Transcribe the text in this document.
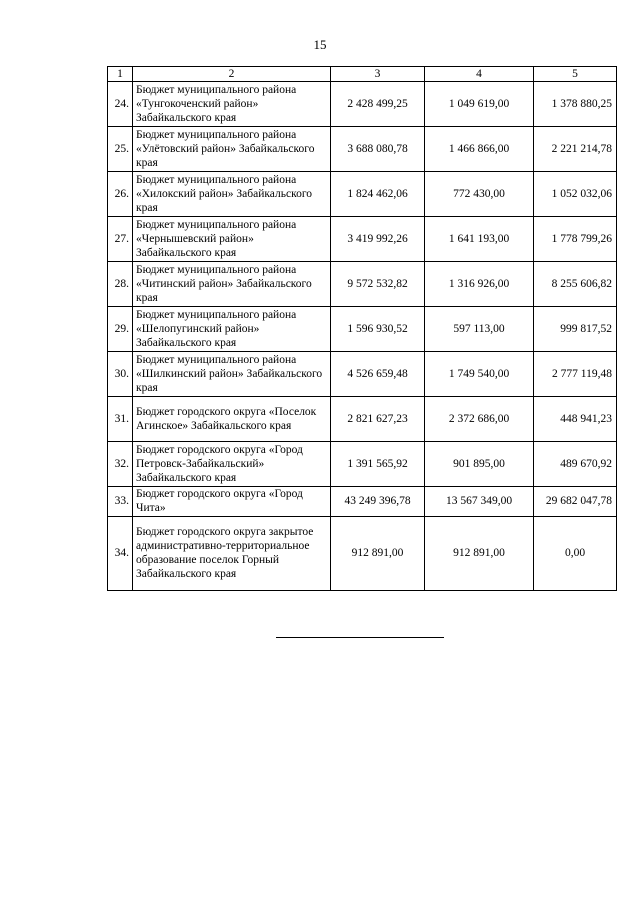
15
1	2	3	4	5
24.	Бюджет муниципального района «Тунгокоченский район» Забайкальского края	2 428 499,25	1 049 619,00	1 378 880,25
25.	Бюджет муниципального района «Улётовский район» Забайкальского края	3 688 080,78	1 466 866,00	2 221 214,78
26.	Бюджет муниципального района «Хилокский район» Забайкальского края	1 824 462,06	772 430,00	1 052 032,06
27.	Бюджет муниципального района «Чернышевский район» Забайкальского края	3 419 992,26	1 641 193,00	1 778 799,26
28.	Бюджет муниципального района «Читинский район» Забайкальского края	9 572 532,82	1 316 926,00	8 255 606,82
29.	Бюджет муниципального района «Шелопугинский район» Забайкальского края	1 596 930,52	597 113,00	999 817,52
30.	Бюджет муниципального района «Шилкинский район» Забайкальского края	4 526 659,48	1 749 540,00	2 777 119,48
31.	Бюджет городского округа «Поселок Агинское» Забайкальского края	2 821 627,23	2 372 686,00	448 941,23
32.	Бюджет городского округа «Город Петровск-Забайкальский» Забайкальского края	1 391 565,92	901 895,00	489 670,92
33.	Бюджет городского округа «Город Чита»	43 249 396,78	13 567 349,00	29 682 047,78
34.	Бюджет городского округа закрытое административно-территориальное образование поселок Горный Забайкальского края	912 891,00	912 891,00	0,00
